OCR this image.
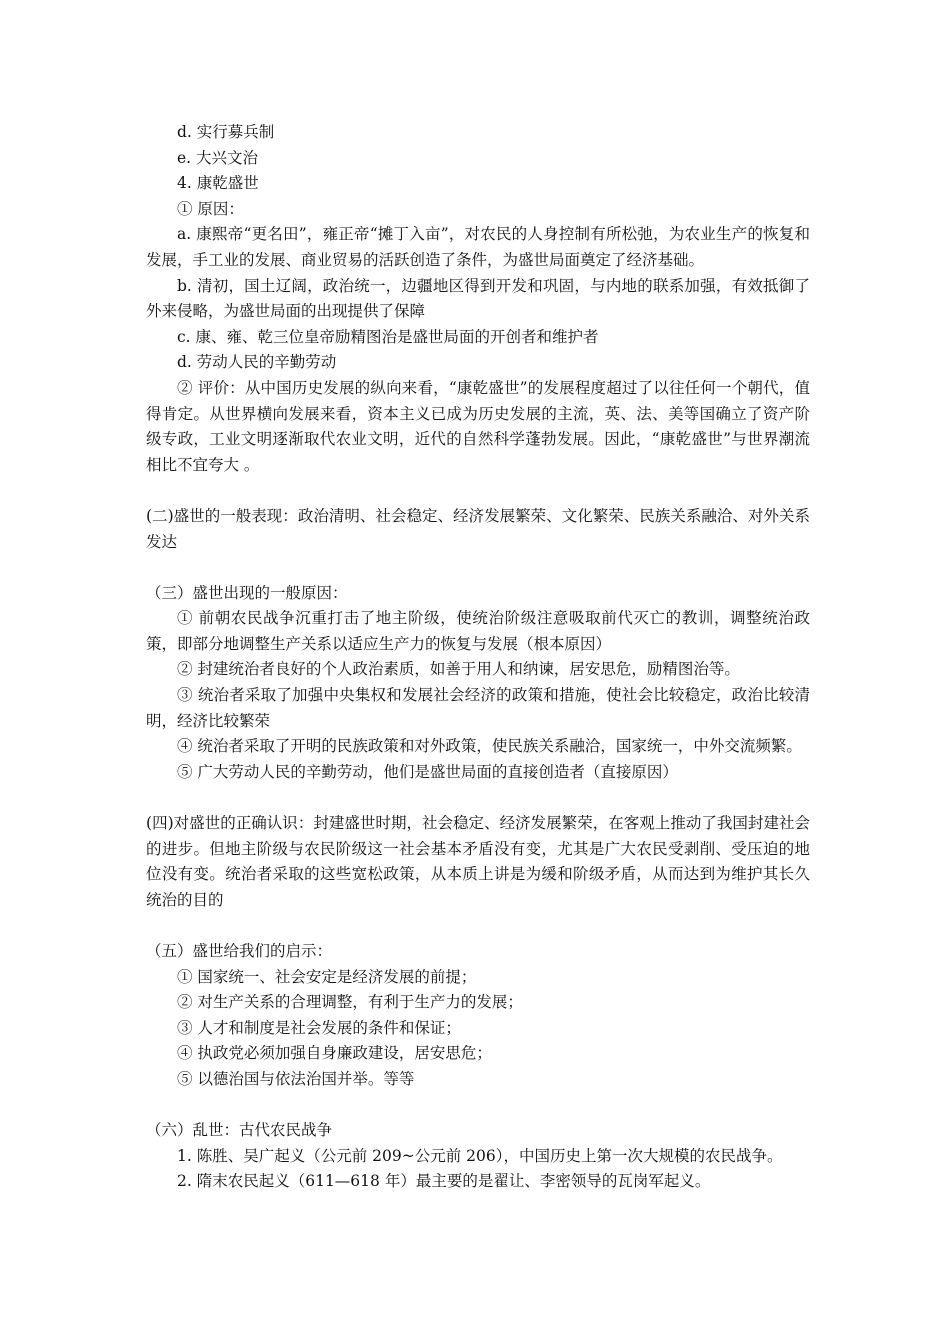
d. 实行募兵制

e. 大兴文治

4. 康乾盛世

① 原因：

a. 康熙帝“更名田”，雍正帝“摊丁入亩”，对农民的人身控制有所松弛，为农业生产的恢复和发展，手工业的发展、商业贸易的活跃创造了条件，为盛世局面奠定了经济基础。

b. 清初，国土辽阔，政治统一，边疆地区得到开发和巩固，与内地的联系加强，有效抵御了外来侵略，为盛世局面的出现提供了保障

c. 康、雍、乾三位皇帝励精图治是盛世局面的开创者和维护者

d. 劳动人民的辛勤劳动

② 评价：从中国历史发展的纵向来看，“康乾盛世”的发展程度超过了以往任何一个朝代，值得肯定。从世界横向发展来看，资本主义已成为历史发展的主流，英、法、美等国确立了资产阶级专政，工业文明逐渐取代农业文明，近代的自然科学蓬勃发展。因此，“康乾盛世”与世界潮流相比不宜夸大 。

(二)盛世的一般表现：政治清明、社会稳定、经济发展繁荣、文化繁荣、民族关系融洽、对外关系发达

（三）盛世出现的一般原因：

① 前朝农民战争沉重打击了地主阶级，使统治阶级注意吸取前代灭亡的教训，调整统治政策，即部分地调整生产关系以适应生产力的恢复与发展（根本原因）

② 封建统治者良好的个人政治素质，如善于用人和纳谏，居安思危，励精图治等。

③ 统治者采取了加强中央集权和发展社会经济的政策和措施，使社会比较稳定，政治比较清明，经济比较繁荣

④ 统治者采取了开明的民族政策和对外政策，使民族关系融洽，国家统一，中外交流频繁。

⑤ 广大劳动人民的辛勤劳动，他们是盛世局面的直接创造者（直接原因）

(四)对盛世的正确认识：封建盛世时期，社会稳定、经济发展繁荣，在客观上推动了我国封建社会的进步。但地主阶级与农民阶级这一社会基本矛盾没有变，尤其是广大农民受剥削、受压迫的地位没有变。统治者采取的这些宽松政策，从本质上讲是为缓和阶级矛盾，从而达到为维护其长久统治的目的

（五）盛世给我们的启示：

① 国家统一、社会安定是经济发展的前提；

② 对生产关系的合理调整，有利于生产力的发展；

③ 人才和制度是社会发展的条件和保证；

④ 执政党必须加强自身廉政建设，居安思危；

⑤ 以德治国与依法治国并举。等等

（六）乱世：古代农民战争

1. 陈胜、吴广起义（公元前 209~公元前 206），中国历史上第一次大规模的农民战争。

2. 隋末农民起义（611—618 年）最主要的是翟让、李密领导的瓦岗军起义。
